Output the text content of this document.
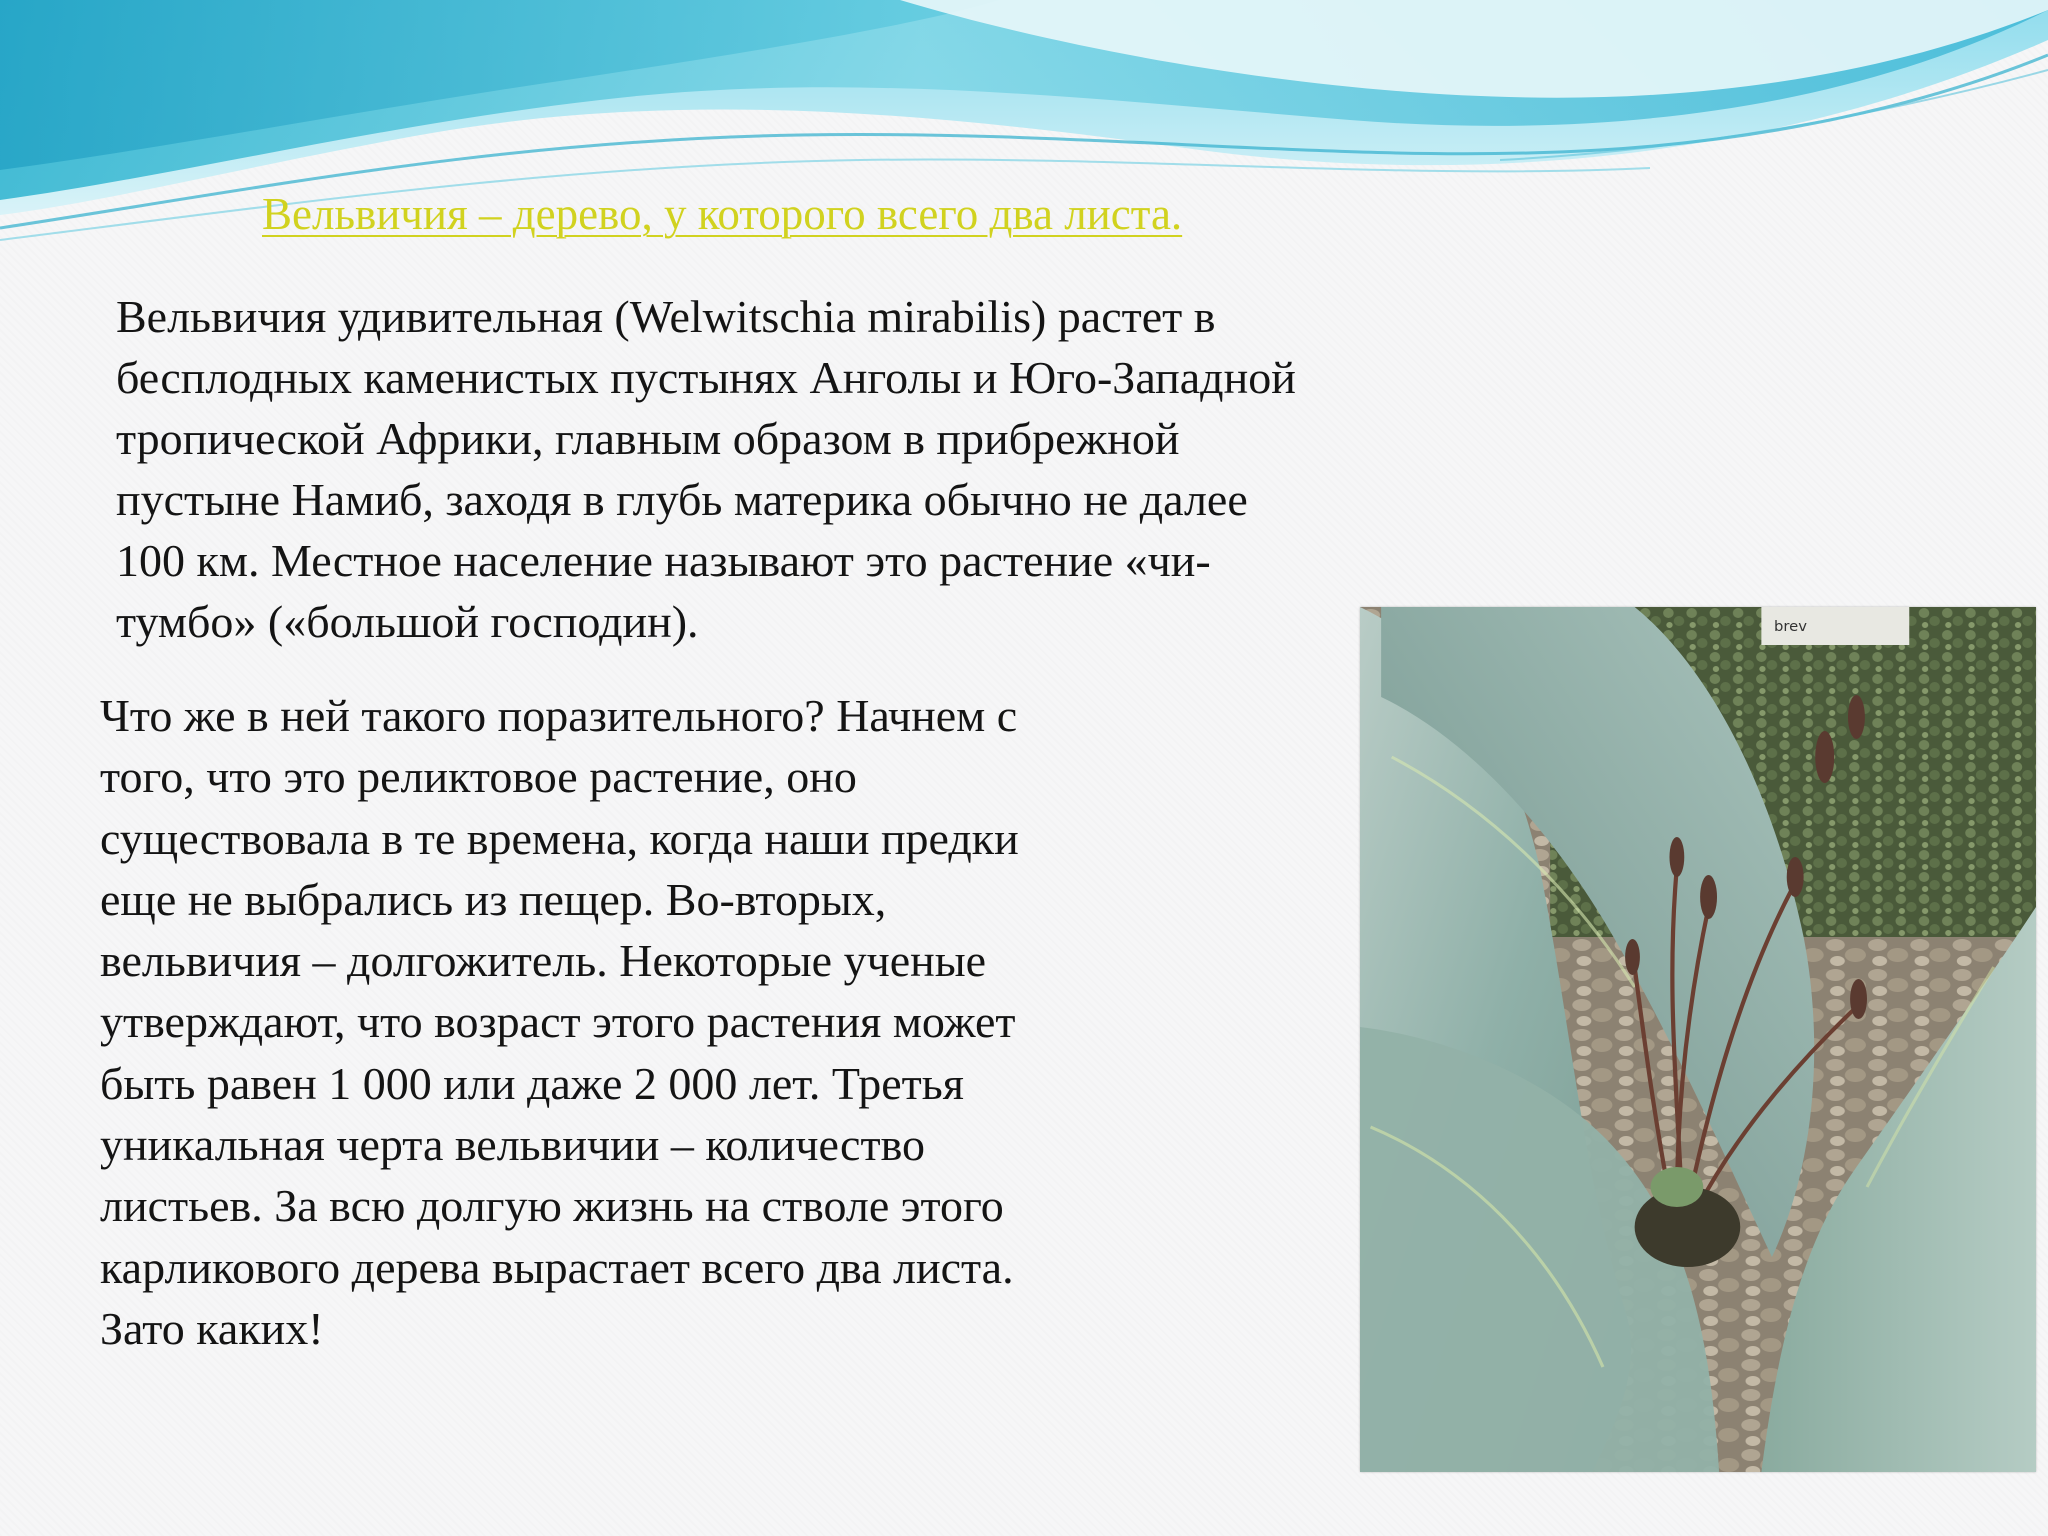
Вельвичия – дерево, у которого всего два листа.
Вельвичия удивительная (Welwitschia mirabilis) растет в
бесплодных каменистых пустынях Анголы и Юго-Западной
тропической Африки, главным образом в прибрежной
пустыне Намиб, заходя в глубь материка обычно не далее
100 км. Местное население называют это растение «чи-
тумбо» («большой господин).
Что же в ней такого поразительного? Начнем с
того, что это реликтовое растение, оно
существовала в те времена, когда наши предки
еще не выбрались из пещер. Во-вторых,
вельвичия – долгожитель. Некоторые ученые
утверждают, что возраст этого растения может
быть равен 1 000 или даже 2 000 лет. Третья
уникальная черта вельвичии – количество
листьев. За всю долгую жизнь на стволе этого
карликового дерева вырастает всего два листа.
Зато каких!
brev
